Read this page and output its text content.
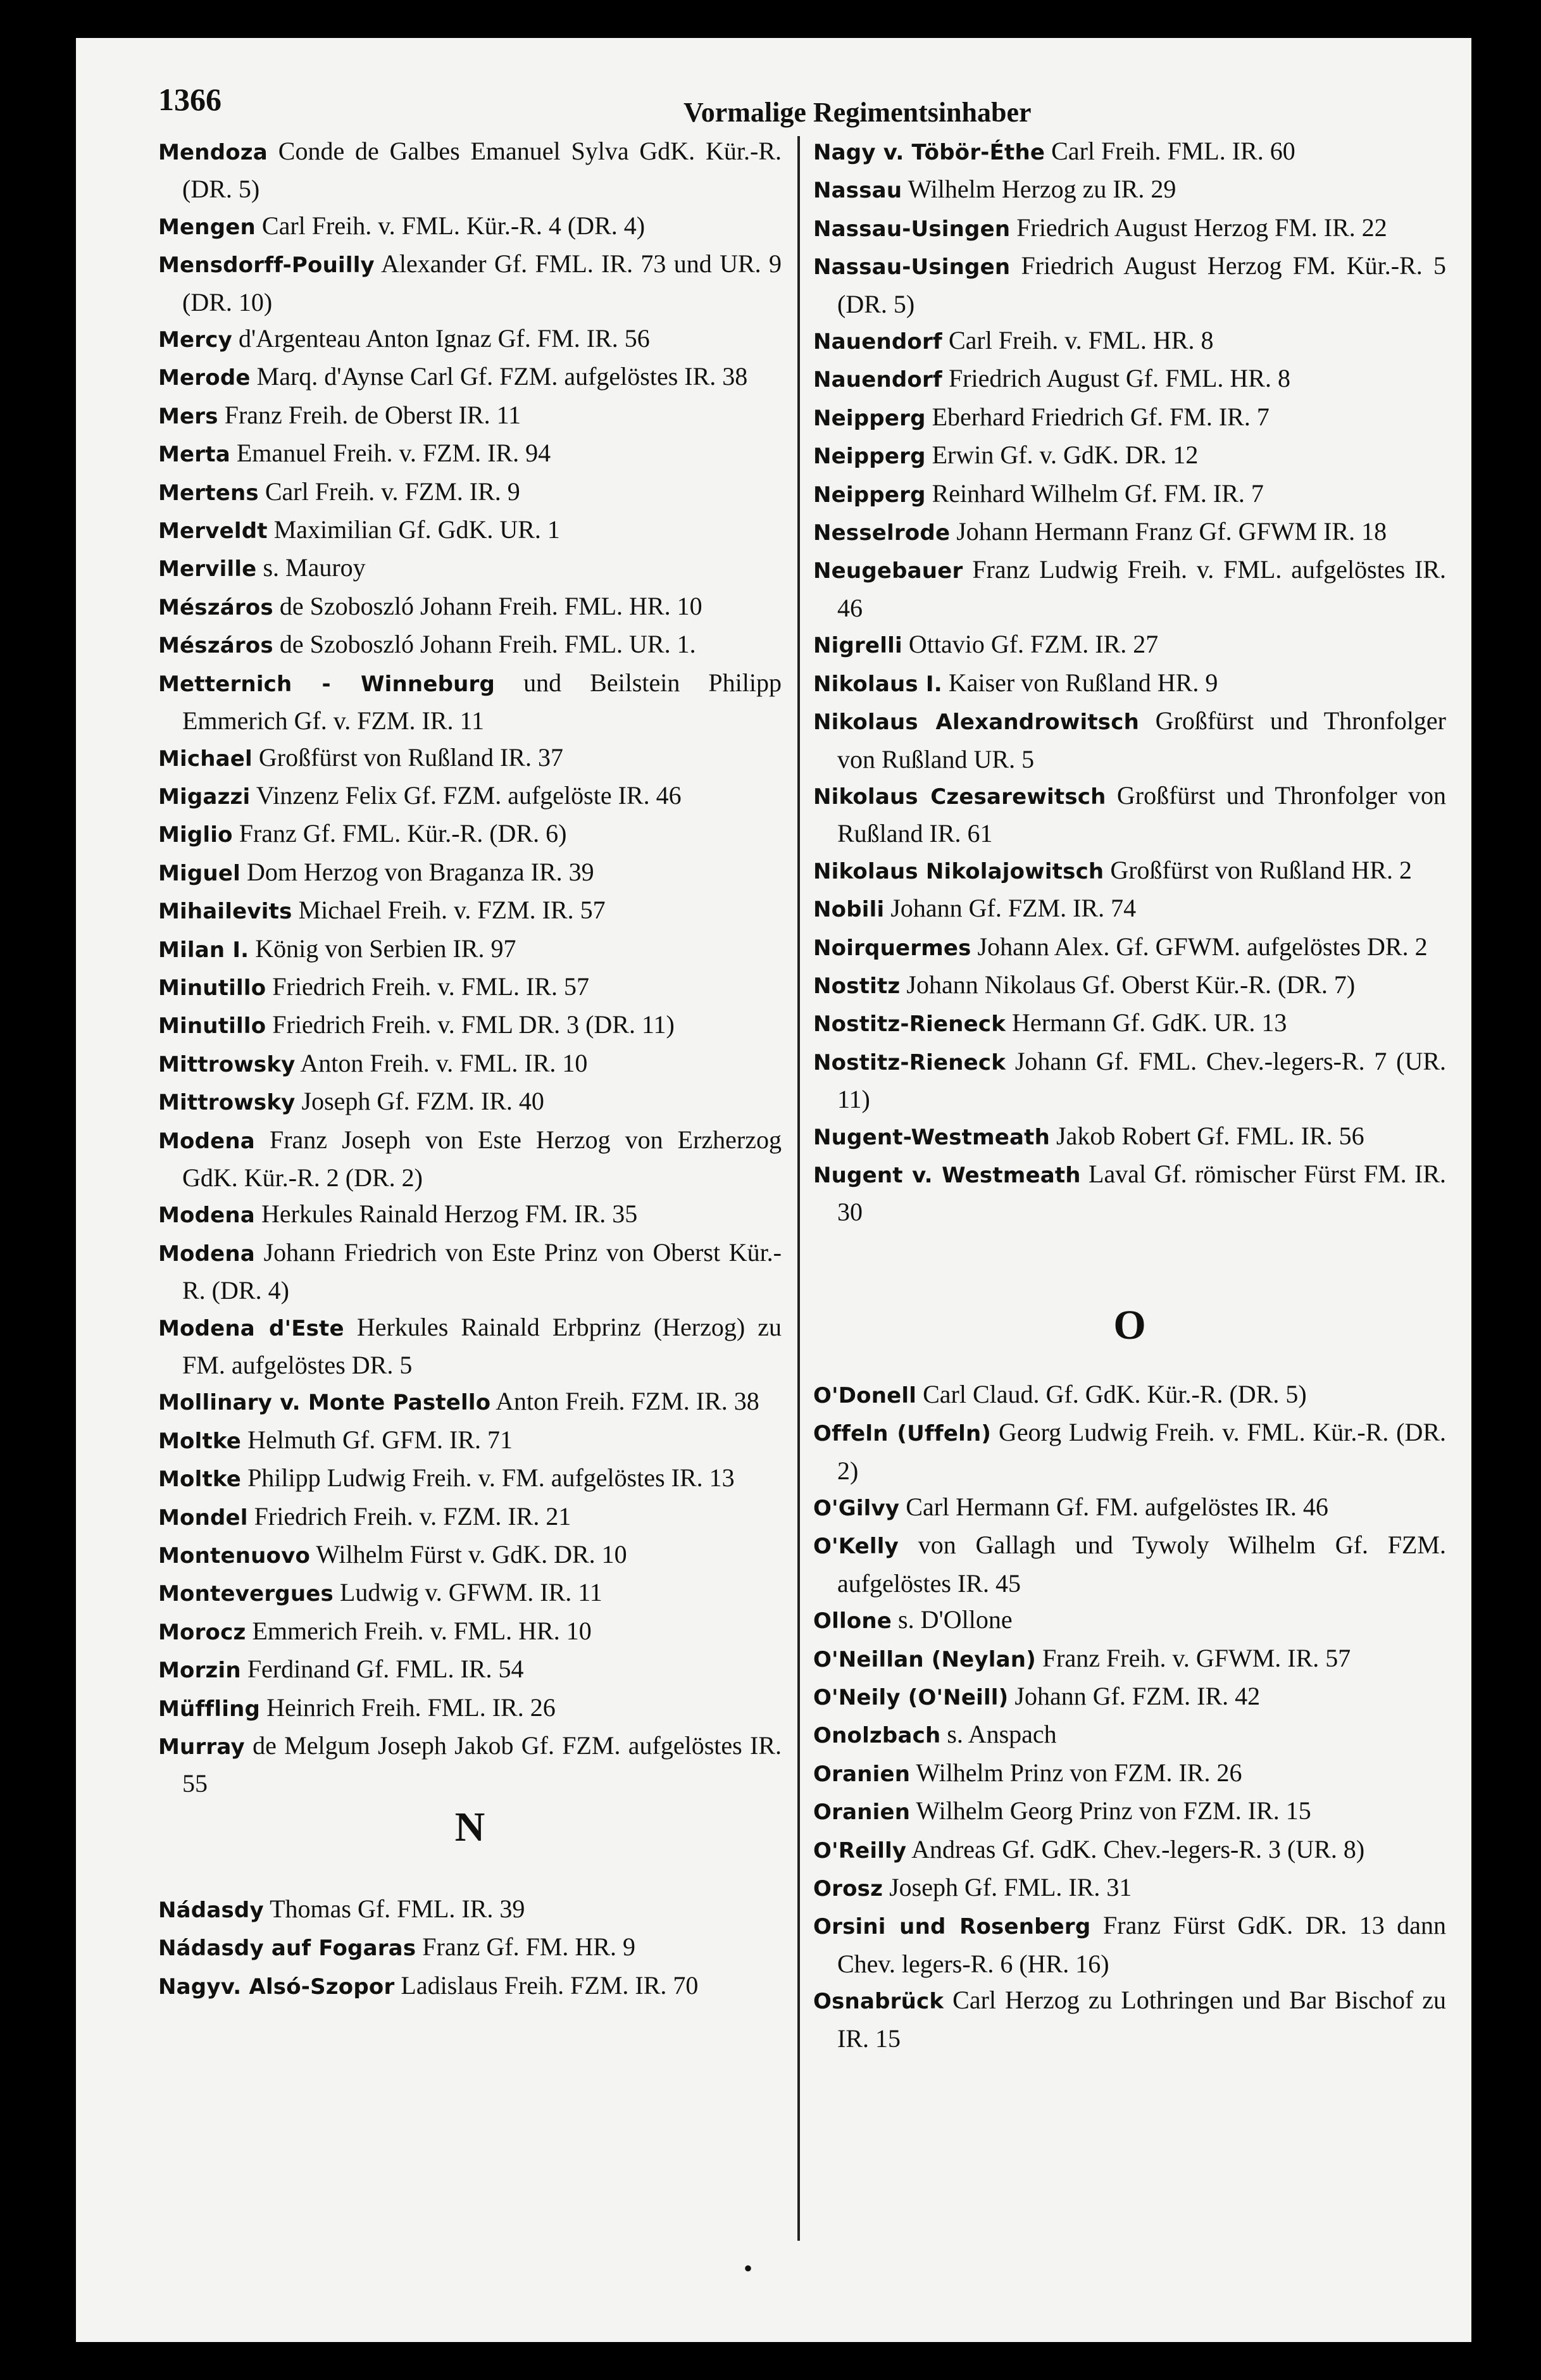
1366	Vormalige Regimentsinhaber

Mendoza Conde de Galbes Emanuel Sylva GdK. Kür.-R. (DR. 5)

Mengen Carl Freih. v. FML. Kür.-R. 4 (DR. 4)

Mensdorff-Pouilly Alexander Gf. FML. IR. 73 und UR. 9 (DR. 10)

Mercy d'Argenteau Anton Ignaz Gf. FM. IR. 56

Merode Marq. d'Aynse Carl Gf. FZM. aufgelöstes IR. 38

Mers Franz Freih. de Oberst IR. 11

Merta Emanuel Freih. v. FZM. IR. 94

Mertens Carl Freih. v. FZM. IR. 9

Merveldt Maximilian Gf. GdK. UR. 1

Merville s. Mauroy

Mészáros de Szoboszló Johann Freih. FML. HR. 10

Mészáros de Szoboszló Johann Freih. FML. UR. 1.

Metternich - Winneburg und Beilstein Philipp Emmerich Gf. v. FZM. IR. 11

Michael Großfürst von Rußland IR. 37

Migazzi Vinzenz Felix Gf. FZM. aufgelöste IR. 46

Miglio Franz Gf. FML. Kür.-R. (DR. 6)

Miguel Dom Herzog von Braganza IR. 39

Mihailevits Michael Freih. v. FZM. IR. 57

Milan I. König von Serbien IR. 97

Minutillo Friedrich Freih. v. FML. IR. 57

Minutillo Friedrich Freih. v. FML DR. 3 (DR. 11)

Mittrowsky Anton Freih. v. FML. IR. 10

Mittrowsky Joseph Gf. FZM. IR. 40

Modena Franz Joseph von Este Herzog von Erzherzog GdK. Kür.-R. 2 (DR. 2)

Modena Herkules Rainald Herzog FM. IR. 35

Modena Johann Friedrich von Este Prinz von Oberst Kür.-R. (DR. 4)

Modena d'Este Herkules Rainald Erbprinz (Herzog) zu FM. aufgelöstes DR. 5

Mollinary v. Monte Pastello Anton Freih. FZM. IR. 38

Moltke Helmuth Gf. GFM. IR. 71

Moltke Philipp Ludwig Freih. v. FM. aufgelöstes IR. 13

Mondel Friedrich Freih. v. FZM. IR. 21

Montenuovo Wilhelm Fürst v. GdK. DR. 10

Montevergues Ludwig v. GFWM. IR. 11

Morocz Emmerich Freih. v. FML. HR. 10

Morzin Ferdinand Gf. FML. IR. 54

Müffling Heinrich Freih. FML. IR. 26

Murray de Melgum Joseph Jakob Gf. FZM. aufgelöstes IR. 55

N

Nádasdy Thomas Gf. FML. IR. 39

Nádasdy auf Fogaras Franz Gf. FM. HR. 9

Nagyv. Alsó-Szopor Ladislaus Freih. FZM. IR. 70

Nagy v. Töbör-Éthe Carl Freih. FML. IR. 60

Nassau Wilhelm Herzog zu IR. 29

Nassau-Usingen Friedrich August Herzog FM. IR. 22

Nassau-Usingen Friedrich August Herzog FM. Kür.-R. 5 (DR. 5)

Nauendorf Carl Freih. v. FML. HR. 8

Nauendorf Friedrich August Gf. FML. HR. 8

Neipperg Eberhard Friedrich Gf. FM. IR. 7

Neipperg Erwin Gf. v. GdK. DR. 12

Neipperg Reinhard Wilhelm Gf. FM. IR. 7

Nesselrode Johann Hermann Franz Gf. GFWM IR. 18

Neugebauer Franz Ludwig Freih. v. FML. aufgelöstes IR. 46

Nigrelli Ottavio Gf. FZM. IR. 27

Nikolaus I. Kaiser von Rußland HR. 9

Nikolaus Alexandrowitsch Großfürst und Thronfolger von Rußland UR. 5

Nikolaus Czesarewitsch Großfürst und Thronfolger von Rußland IR. 61

Nikolaus Nikolajowitsch Großfürst von Rußland HR. 2

Nobili Johann Gf. FZM. IR. 74

Noirquermes Johann Alex. Gf. GFWM. aufgelöstes DR. 2

Nostitz Johann Nikolaus Gf. Oberst Kür.-R. (DR. 7)

Nostitz-Rieneck Hermann Gf. GdK. UR. 13

Nostitz-Rieneck Johann Gf. FML. Chev.-legers-R. 7 (UR. 11)

Nugent-Westmeath Jakob Robert Gf. FML. IR. 56

Nugent v. Westmeath Laval Gf. römischer Fürst FM. IR. 30

O

O'Donell Carl Claud. Gf. GdK. Kür.-R. (DR. 5)

Offeln (Uffeln) Georg Ludwig Freih. v. FML. Kür.-R. (DR. 2)

O'Gilvy Carl Hermann Gf. FM. aufgelöstes IR. 46

O'Kelly von Gallagh und Tywoly Wilhelm Gf. FZM. aufgelöstes IR. 45

Ollone s. D'Ollone

O'Neillan (Neylan) Franz Freih. v. GFWM. IR. 57

O'Neily (O'Neill) Johann Gf. FZM. IR. 42

Onolzbach s. Anspach

Oranien Wilhelm Prinz von FZM. IR. 26

Oranien Wilhelm Georg Prinz von FZM. IR. 15

O'Reilly Andreas Gf. GdK. Chev.-legers-R. 3 (UR. 8)

Orosz Joseph Gf. FML. IR. 31

Orsini und Rosenberg Franz Fürst GdK. DR. 13 dann Chev. legers-R. 6 (HR. 16)

Osnabrück Carl Herzog zu Lothringen und Bar Bischof zu IR. 15

•
